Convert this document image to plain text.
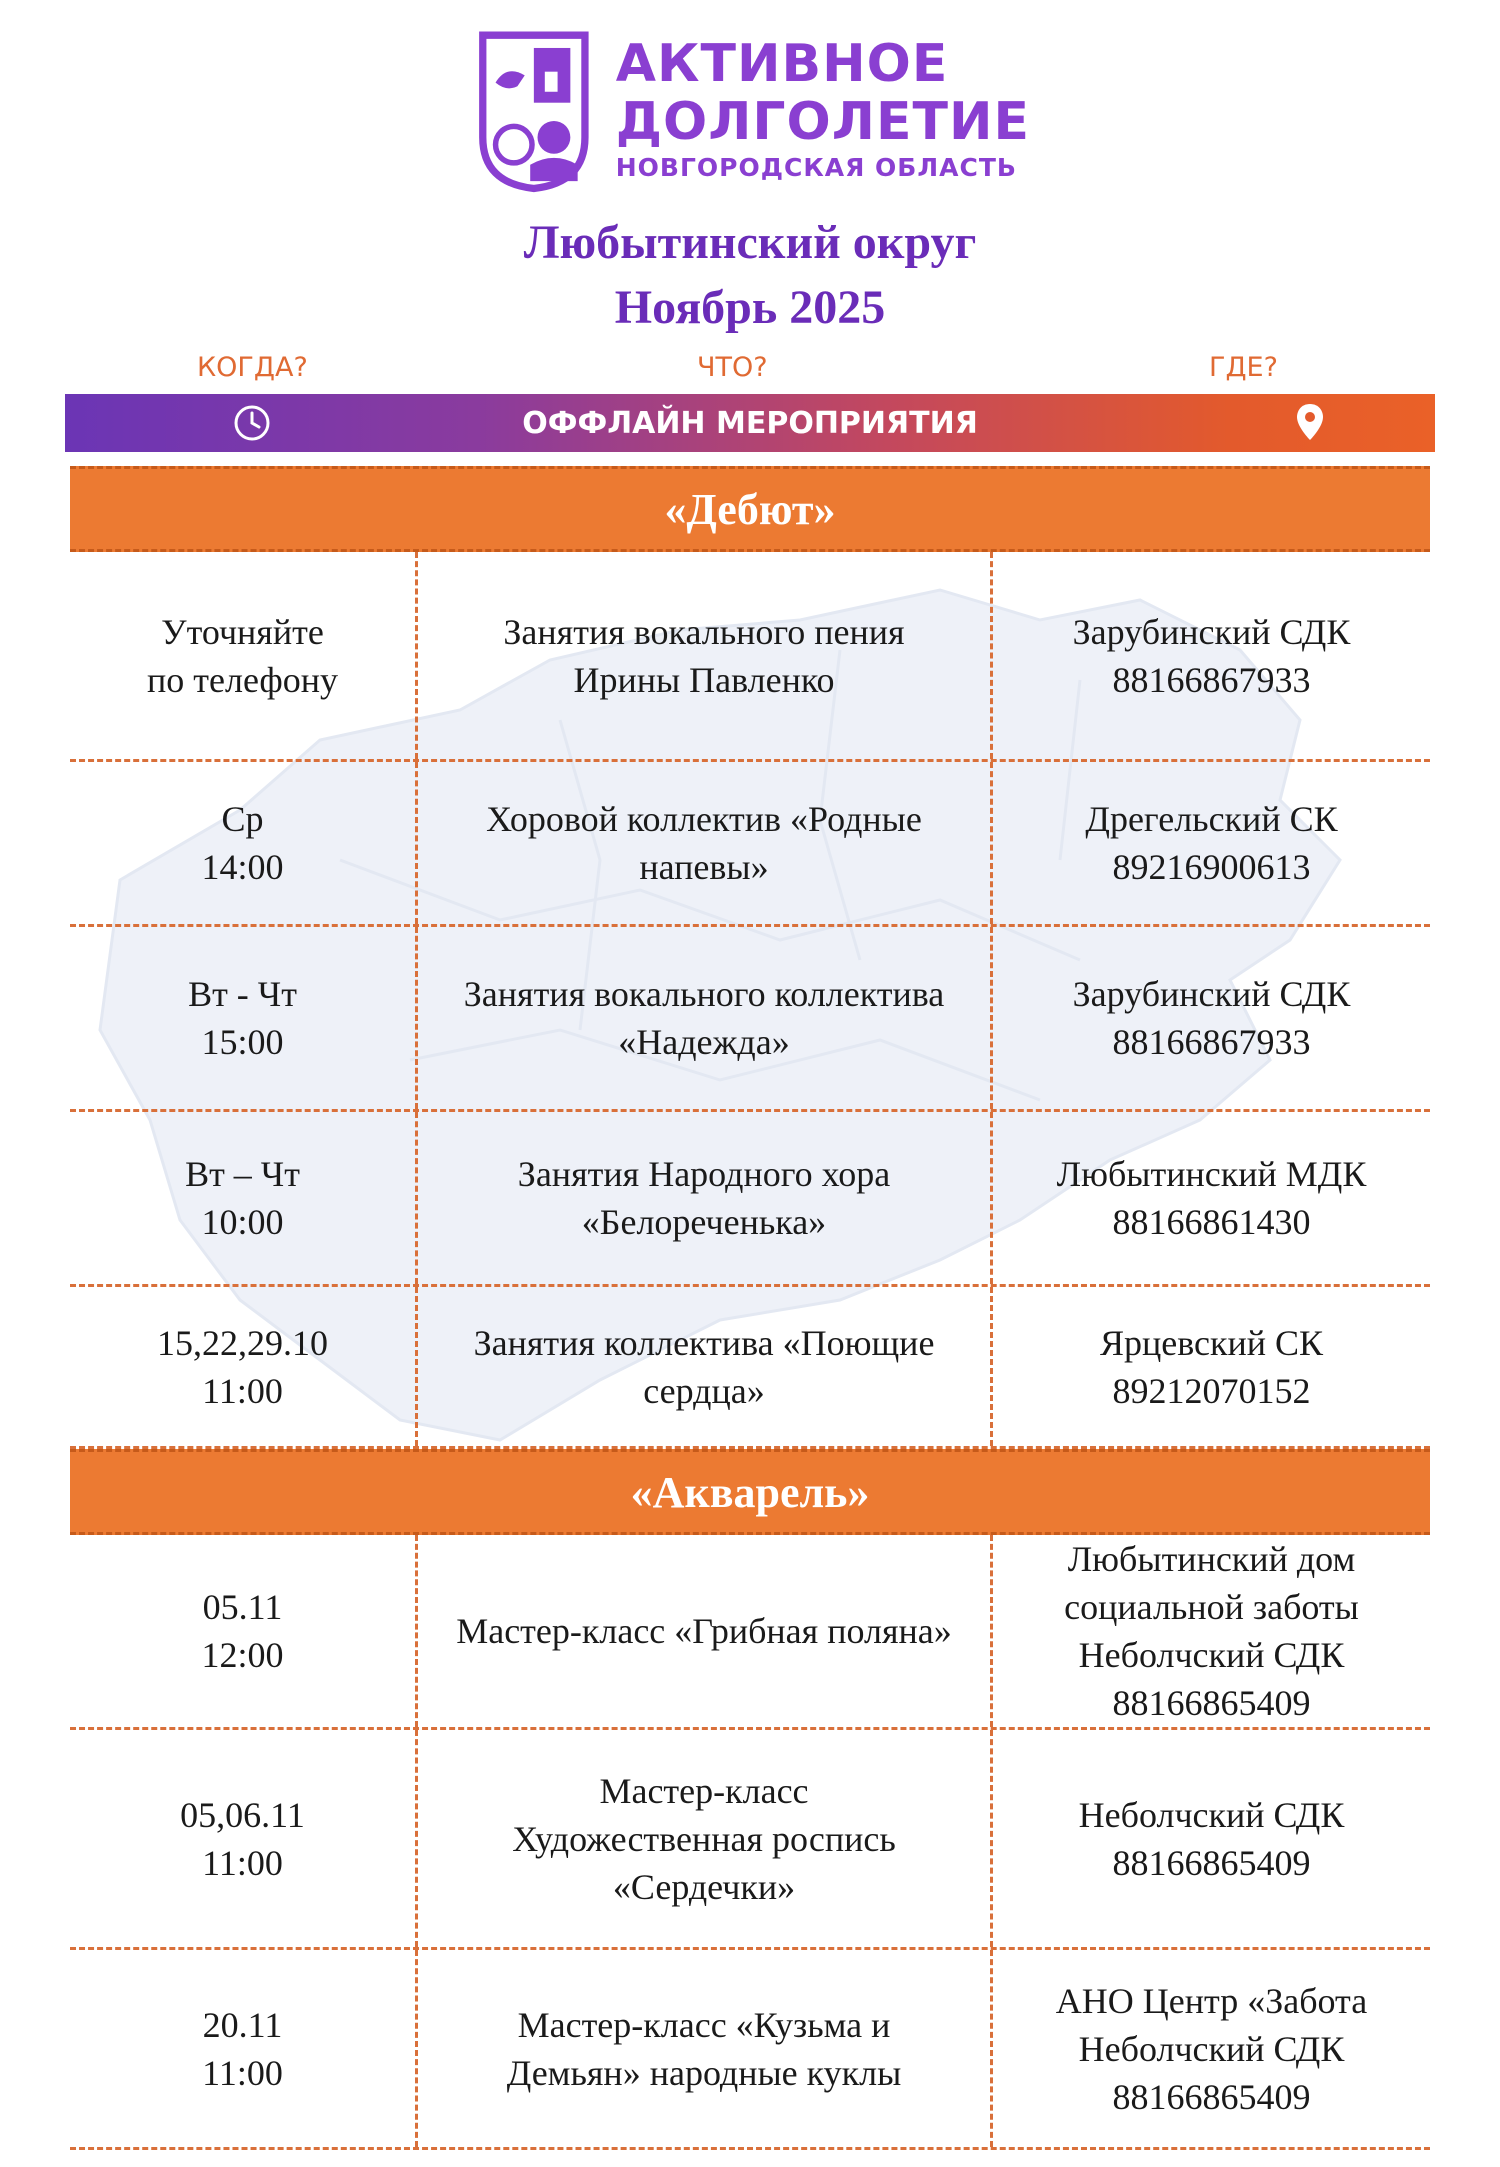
АКТИВНОЕ
ДОЛГОЛЕТИЕ
НОВГОРОДСКАЯ ОБЛАСТЬ
Любытинский округ
Ноябрь 2025
КОГДА?	ЧТО?	ГДЕ?
ОФФЛАЙН МЕРОПРИЯТИЯ
«Дебют»
Уточняйте
по телефону
Занятия вокального пения
Ирины Павленко
Зарубинский СДК
88166867933
Ср
14:00
Хоровой коллектив «Родные
напевы»
Дрегельский СК
89216900613
Вт - Чт
15:00
Занятия вокального коллектива
«Надежда»
Зарубинский СДК
88166867933
Вт – Чт
10:00
Занятия Народного хора
«Белореченька»
Любытинский МДК
88166861430
15,22,29.10
11:00
Занятия коллектива «Поющие
сердца»
Ярцевский СК
89212070152
«Акварель»
05.11
12:00
Мастер-класс «Грибная поляна»
Любытинский дом
социальной заботы
Неболчский СДК
88166865409
05,06.11
11:00
Мастер-класс
Художественная роспись
«Сердечки»
Неболчский СДК
88166865409
20.11
11:00
Мастер-класс «Кузьма и
Демьян» народные куклы
АНО Центр «Забота
Неболчский СДК
88166865409
